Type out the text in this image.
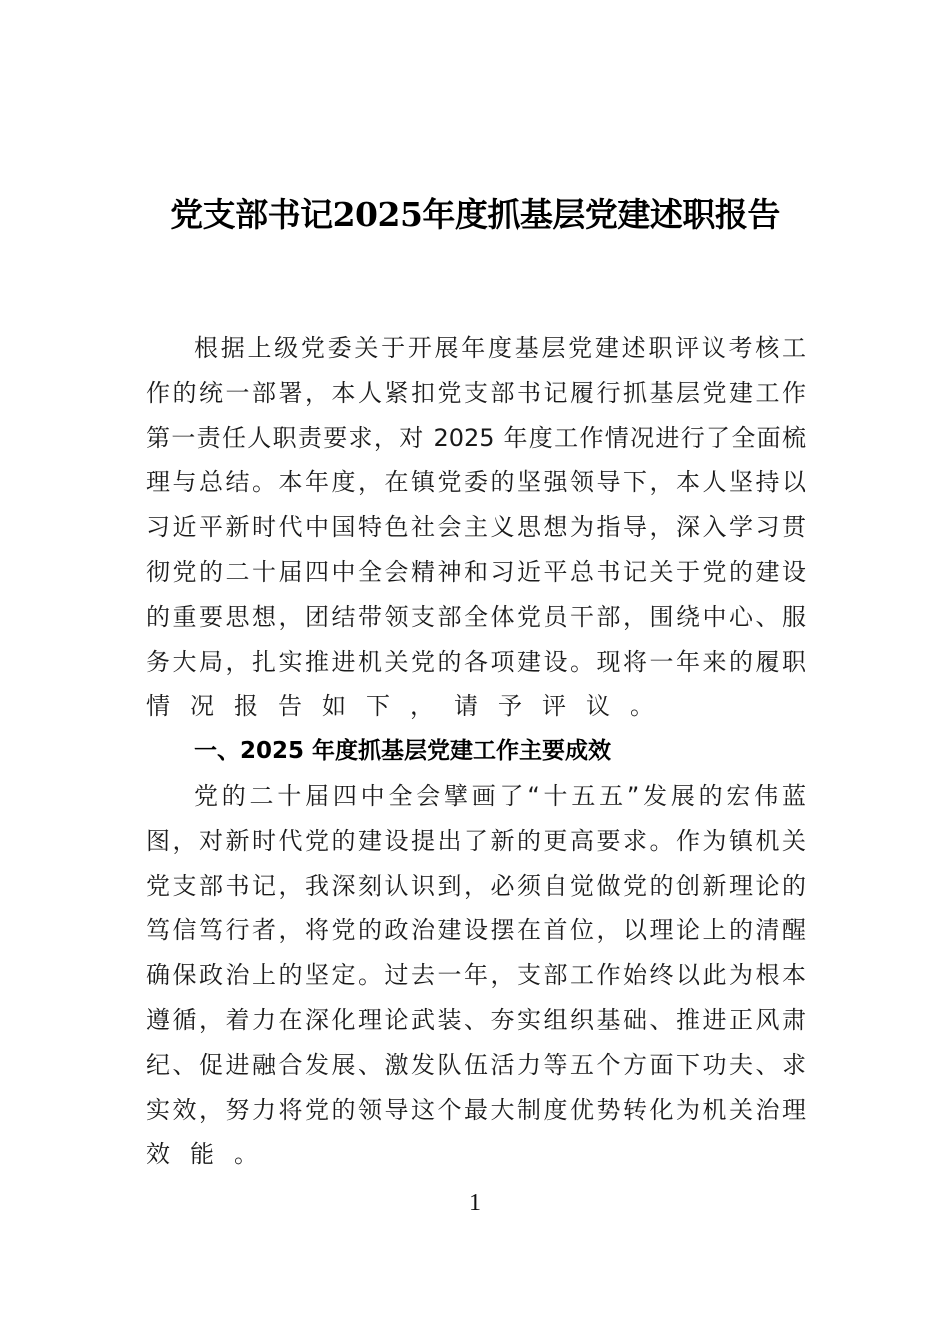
党支部书记2025年度抓基层党建述职报告
根据上级党委关于开展年度基层党建述职评议考核工
作的统一部署，本人紧扣党支部书记履行抓基层党建工作
第一责任人职责要求，对 2025 年度工作情况进行了全面梳
理与总结。本年度，在镇党委的坚强领导下，本人坚持以
习近平新时代中国特色社会主义思想为指导，深入学习贯
彻党的二十届四中全会精神和习近平总书记关于党的建设
的重要思想，团结带领支部全体党员干部，围绕中心、服
务大局，扎实推进机关党的各项建设。现将一年来的履职
情况报告如下，请予评议。
一、2025 年度抓基层党建工作主要成效
党的二十届四中全会擘画了“十五五”发展的宏伟蓝
图，对新时代党的建设提出了新的更高要求。作为镇机关
党支部书记，我深刻认识到，必须自觉做党的创新理论的
笃信笃行者，将党的政治建设摆在首位，以理论上的清醒
确保政治上的坚定。过去一年，支部工作始终以此为根本
遵循，着力在深化理论武装、夯实组织基础、推进正风肃
纪、促进融合发展、激发队伍活力等五个方面下功夫、求
实效，努力将党的领导这个最大制度优势转化为机关治理
效能。
1
